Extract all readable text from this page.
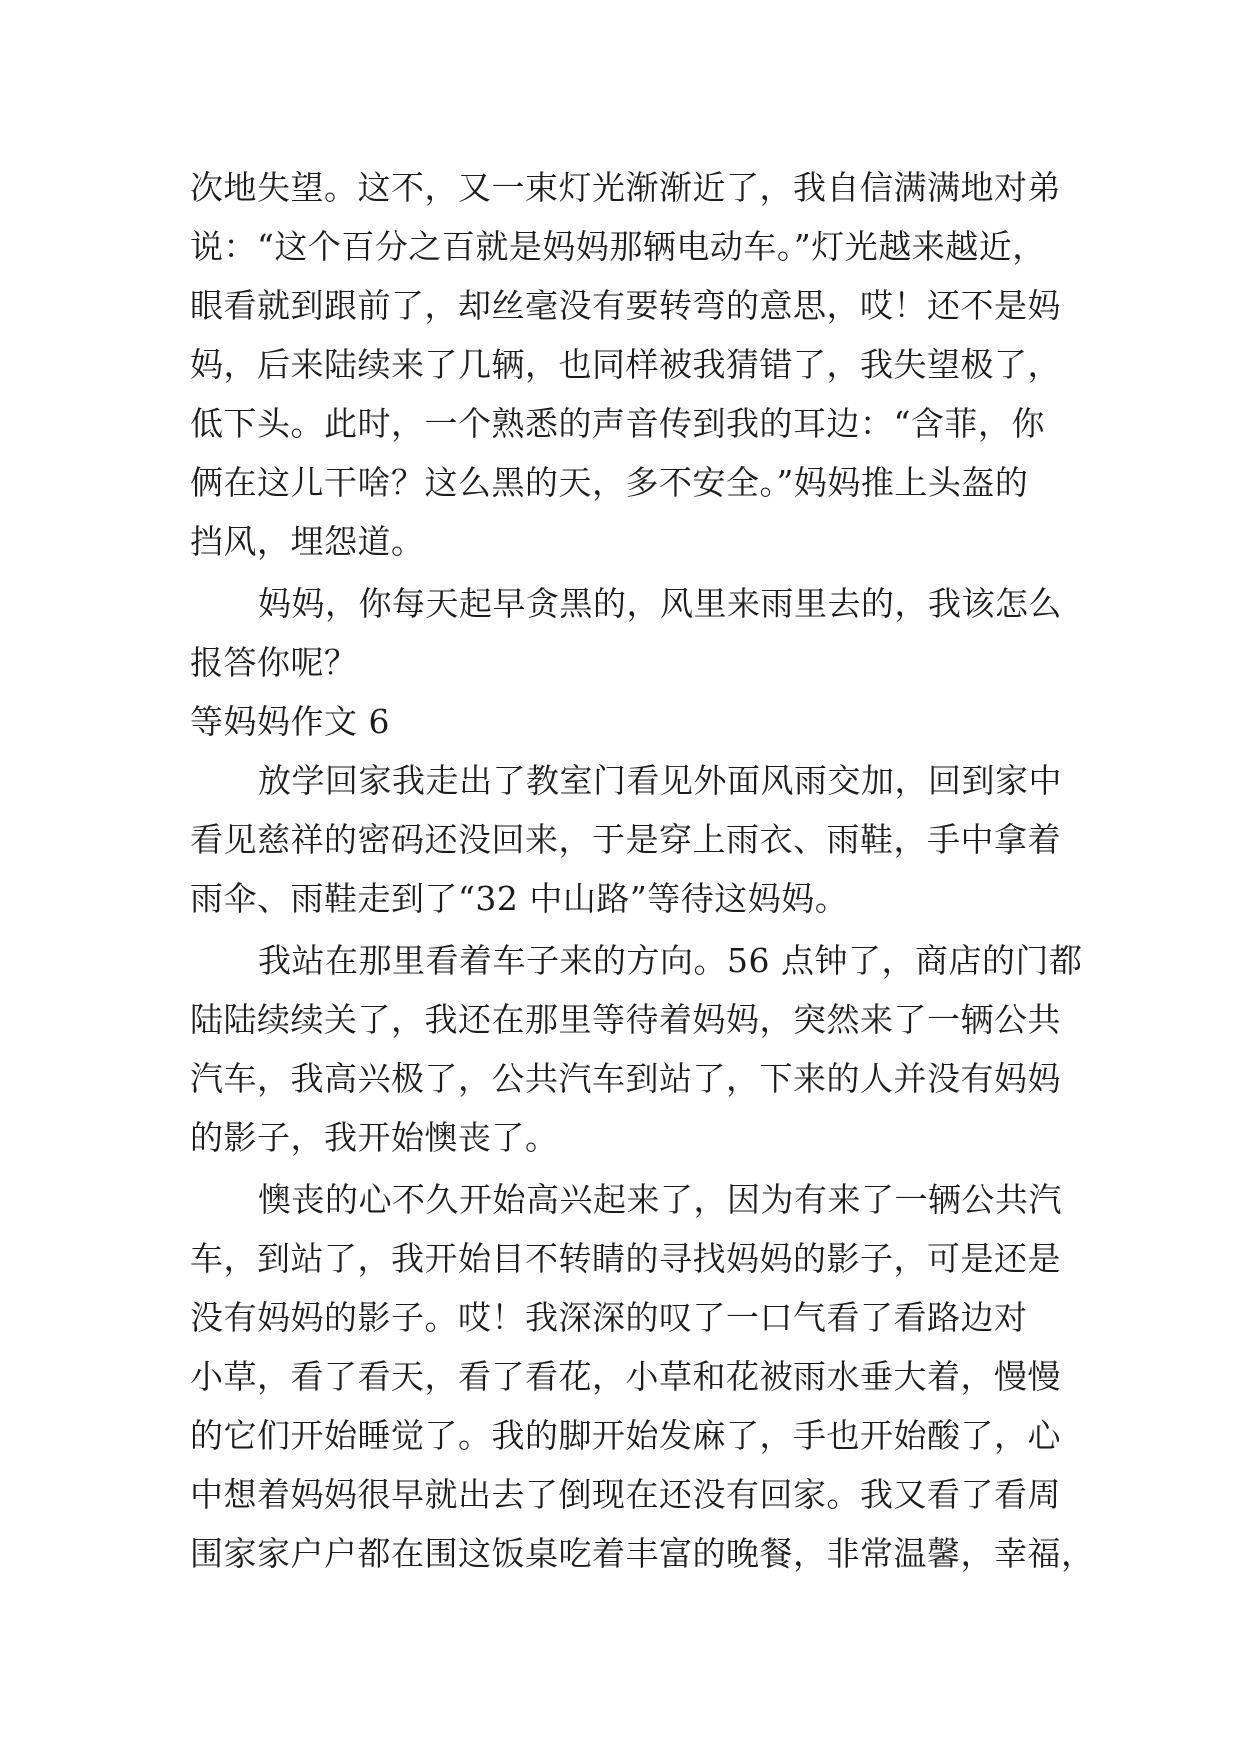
次地失望。这不，又一束灯光渐渐近了，我自信满满地对弟
说：“这个百分之百就是妈妈那辆电动车。”灯光越来越近，
眼看就到跟前了，却丝毫没有要转弯的意思，哎！还不是妈
妈，后来陆续来了几辆，也同样被我猜错了，我失望极了，
低下头。此时，一个熟悉的声音传到我的耳边：“含菲，你
俩在这儿干啥？这么黑的天，多不安全。”妈妈推上头盔的
挡风，埋怨道。
妈妈，你每天起早贪黑的，风里来雨里去的，我该怎么
报答你呢？
等妈妈作文 6
放学回家我走出了教室门看见外面风雨交加，回到家中
看见慈祥的密码还没回来，于是穿上雨衣、雨鞋，手中拿着
雨伞、雨鞋走到了“32 中山路”等待这妈妈。
我站在那里看着车子来的方向。56 点钟了，商店的门都
陆陆续续关了，我还在那里等待着妈妈，突然来了一辆公共
汽车，我高兴极了，公共汽车到站了，下来的人并没有妈妈
的影子，我开始懊丧了。
懊丧的心不久开始高兴起来了，因为有来了一辆公共汽
车，到站了，我开始目不转睛的寻找妈妈的影子，可是还是
没有妈妈的影子。哎！我深深的叹了一口气看了看路边对
小草，看了看天，看了看花，小草和花被雨水垂大着，慢慢
的它们开始睡觉了。我的脚开始发麻了，手也开始酸了，心
中想着妈妈很早就出去了倒现在还没有回家。我又看了看周
围家家户户都在围这饭桌吃着丰富的晚餐，非常温馨，幸福，
